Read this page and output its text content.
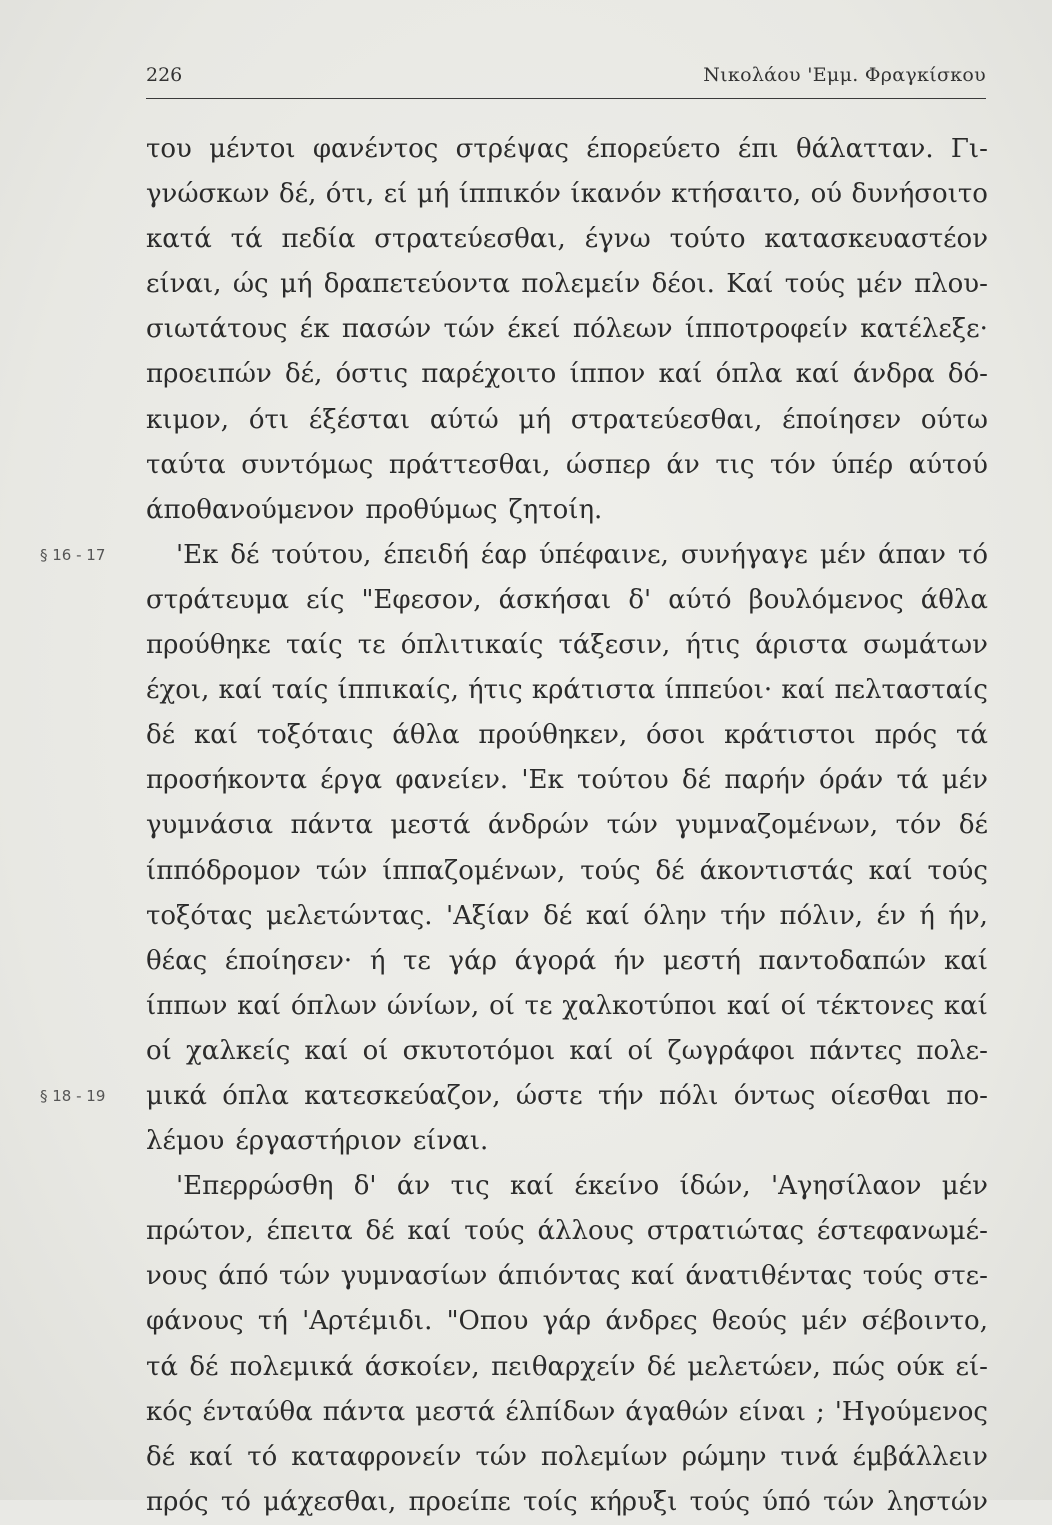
226	Νικολάου 'Εμμ. Φραγκίσκου
§ 16 - 17
§ 18 - 19
του μέντοι φανέντος στρέψας έπορεύετο έπι θάλατταν. Γι-
γνώσκων δέ, ότι, εί μή ίππικόν ίκανόν κτήσαιτο, ού δυνήσοιτο
κατά τά πεδία στρατεύεσθαι, έγνω τούτο κατασκευαστέον
είναι, ώς μή δραπετεύοντα πολεμείν δέοι. Καί τούς μέν πλου-
σιωτάτους έκ πασών τών έκεί πόλεων ίπποτροφείν κατέλεξε·
προειπών δέ, όστις παρέχοιτο ίππον καί όπλα καί άνδρα δό-
κιμον, ότι έξέσται αύτώ μή στρατεύεσθαι, έποίησεν ούτω
ταύτα συντόμως πράττεσθαι, ώσπερ άν τις τόν ύπέρ αύτού
άποθανούμενον προθύμως ζητοίη.
'Εκ δέ τούτου, έπειδή έαρ ύπέφαινε, συνήγαγε μέν άπαν τό
στράτευμα είς "Εφεσον, άσκήσαι δ' αύτό βουλόμενος άθλα
προύθηκε ταίς τε όπλιτικαίς τάξεσιν, ήτις άριστα σωμάτων
έχοι, καί ταίς ίππικαίς, ήτις κράτιστα ίππεύοι· καί πελτασταίς
δέ καί τοξόταις άθλα προύθηκεν, όσοι κράτιστοι πρός τά
προσήκοντα έργα φανείεν. 'Εκ τούτου δέ παρήν όράν τά μέν
γυμνάσια πάντα μεστά άνδρών τών γυμναζομένων, τόν δέ
ίππόδρομον τών ίππαζομένων, τούς δέ άκοντιστάς καί τούς
τοξότας μελετώντας. 'Αξίαν δέ καί όλην τήν πόλιν, έν ή ήν,
θέας έποίησεν· ή τε γάρ άγορά ήν μεστή παντοδαπών καί
ίππων καί όπλων ώνίων, οί τε χαλκοτύποι καί οί τέκτονες καί
οί χαλκείς καί οί σκυτοτόμοι καί οί ζωγράφοι πάντες πολε-
μικά όπλα κατεσκεύαζον, ώστε τήν πόλι όντως οίεσθαι πο-
λέμου έργαστήριον είναι.
'Επερρώσθη δ' άν τις καί έκείνο ίδών, 'Αγησίλαον μέν
πρώτον, έπειτα δέ καί τούς άλλους στρατιώτας έστεφανωμέ-
νους άπό τών γυμνασίων άπιόντας καί άνατιθέντας τούς στε-
φάνους τή 'Αρτέμιδι. "Οπου γάρ άνδρες θεούς μέν σέβοιντο,
τά δέ πολεμικά άσκοίεν, πειθαρχείν δέ μελετώεν, πώς ούκ εί-
κός ένταύθα πάντα μεστά έλπίδων άγαθών είναι ; 'Ηγούμενος
δέ καί τό καταφρονείν τών πολεμίων ρώμην τινά έμβάλλειν
πρός τό μάχεσθαι, προείπε τοίς κήρυξι τούς ύπό τών ληστών
